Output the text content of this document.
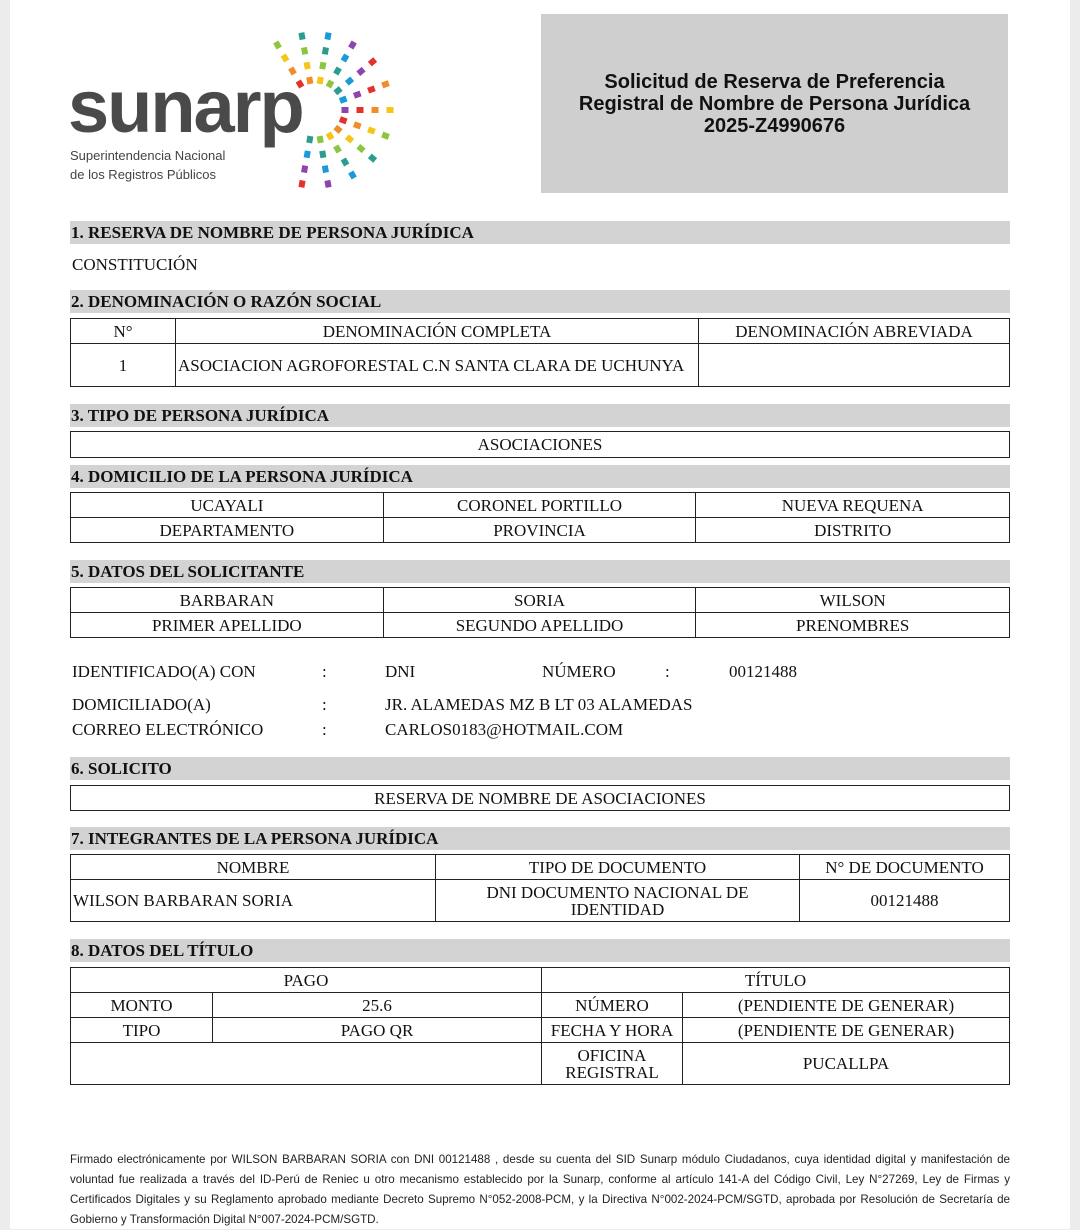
sunarp
Superintendencia Nacional
de los Registros Públicos
Solicitud de Reserva de Preferencia
Registral de Nombre de Persona Jurídica
2025-Z4990676
1. RESERVA DE NOMBRE DE PERSONA JURÍDICA
CONSTITUCIÓN
2. DENOMINACIÓN O RAZÓN SOCIAL
N°	DENOMINACIÓN COMPLETA	DENOMINACIÓN ABREVIADA
1	ASOCIACION AGROFORESTAL C.N SANTA CLARA DE UCHUNYA	
3. TIPO DE PERSONA JURÍDICA
ASOCIACIONES
4. DOMICILIO DE LA PERSONA JURÍDICA
UCAYALI	CORONEL PORTILLO	NUEVA REQUENA
DEPARTAMENTO	PROVINCIA	DISTRITO
5. DATOS DEL SOLICITANTE
BARBARAN	SORIA	WILSON
PRIMER APELLIDO	SEGUNDO APELLIDO	PRENOMBRES
IDENTIFICADO(A) CON	:	DNI	NÚMERO	:	00121488
DOMICILIADO(A)	:	JR. ALAMEDAS MZ B LT 03 ALAMEDAS
CORREO ELECTRÓNICO	:	CARLOS0183@HOTMAIL.COM
6. SOLICITO
RESERVA DE NOMBRE DE ASOCIACIONES
7. INTEGRANTES DE LA PERSONA JURÍDICA
NOMBRE	TIPO DE DOCUMENTO	N° DE DOCUMENTO
WILSON BARBARAN SORIA	DNI DOCUMENTO NACIONAL DE IDENTIDAD	00121488
8. DATOS DEL TÍTULO
PAGO		TÍTULO	
MONTO	25.6	NÚMERO	(PENDIENTE DE GENERAR)
TIPO	PAGO QR	FECHA Y HORA	(PENDIENTE DE GENERAR)
		OFICINA REGISTRAL	PUCALLPA
Firmado electrónicamente por WILSON BARBARAN SORIA con DNI 00121488 , desde su cuenta del SID Sunarp módulo Ciudadanos, cuya identidad digital y manifestación de voluntad fue realizada a través del ID-Perú de Reniec u otro mecanismo establecido por la Sunarp, conforme al artículo 141-A del Código Civil, Ley N°27269, Ley de Firmas y Certificados Digitales y su Reglamento aprobado mediante Decreto Supremo N°052-2008-PCM, y la Directiva N°002-2024-PCM/SGTD, aprobada por Resolución de Secretaría de Gobierno y Transformación Digital N°007-2024-PCM/SGTD.
